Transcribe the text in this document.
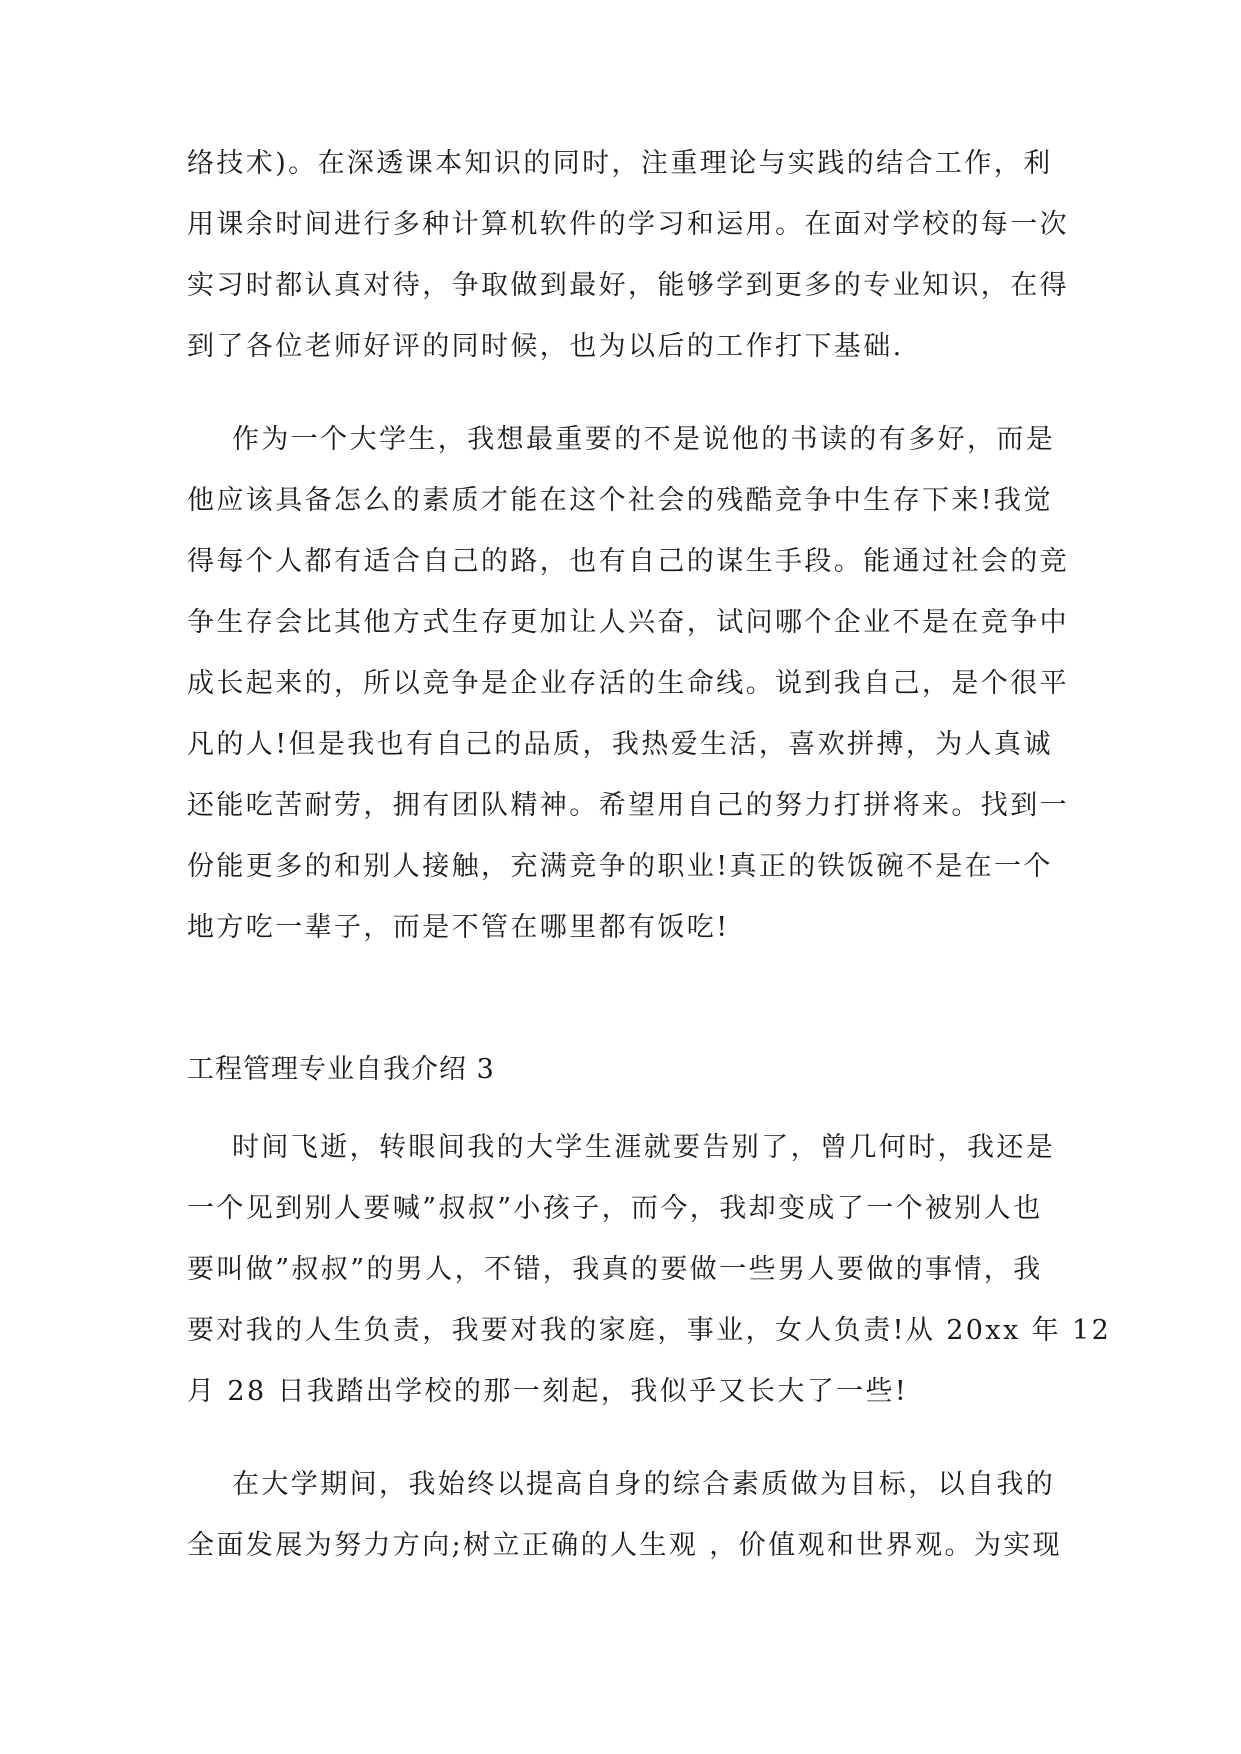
络技术)。在深透课本知识的同时，注重理论与实践的结合工作，利
用课余时间进行多种计算机软件的学习和运用。在面对学校的每一次
实习时都认真对待，争取做到最好，能够学到更多的专业知识，在得
到了各位老师好评的同时候，也为以后的工作打下基础.
作为一个大学生，我想最重要的不是说他的书读的有多好，而是
他应该具备怎么的素质才能在这个社会的残酷竞争中生存下来!我觉
得每个人都有适合自己的路，也有自己的谋生手段。能通过社会的竞
争生存会比其他方式生存更加让人兴奋，试问哪个企业不是在竞争中
成长起来的，所以竞争是企业存活的生命线。说到我自己，是个很平
凡的人!但是我也有自己的品质，我热爱生活，喜欢拼搏，为人真诚
还能吃苦耐劳，拥有团队精神。希望用自己的努力打拼将来。找到一
份能更多的和别人接触，充满竞争的职业!真正的铁饭碗不是在一个
地方吃一辈子，而是不管在哪里都有饭吃!
工程管理专业自我介绍 3
时间飞逝，转眼间我的大学生涯就要告别了，曾几何时，我还是
一个见到别人要喊”叔叔”小孩子，而今，我却变成了一个被别人也
要叫做”叔叔”的男人，不错，我真的要做一些男人要做的事情，我
要对我的人生负责，我要对我的家庭，事业，女人负责!从 20xx 年 12
月 28 日我踏出学校的那一刻起，我似乎又长大了一些!
在大学期间，我始终以提高自身的综合素质做为目标，以自我的
全面发展为努力方向;树立正确的人生观 ，价值观和世界观。为实现
